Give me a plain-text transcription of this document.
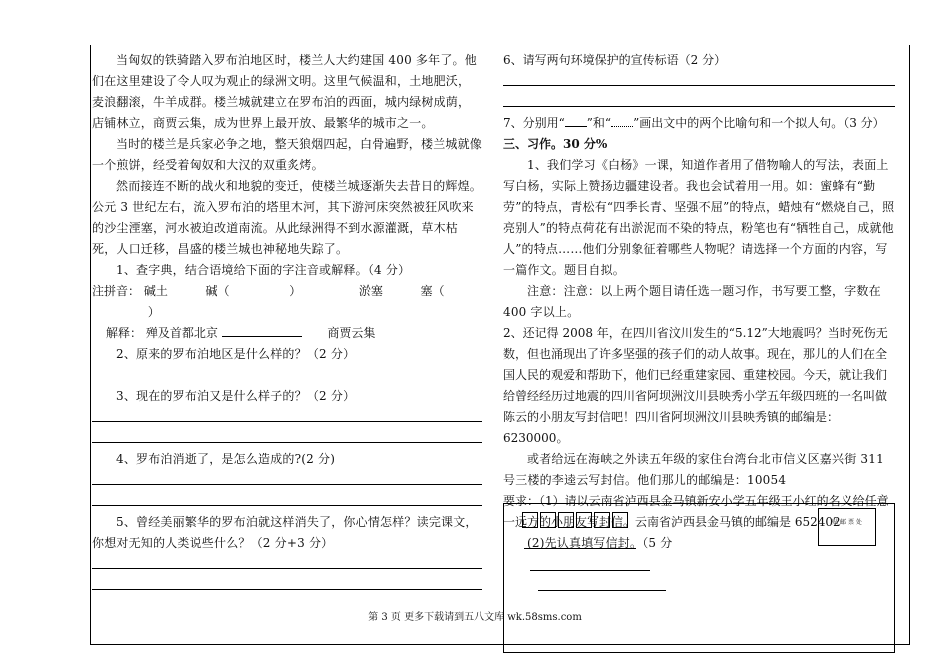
当匈奴的铁骑踏入罗布泊地区时，楼兰人大约建国 400 多年了。他们在这里建设了令人叹为观止的绿洲文明。这里气候温和，土地肥沃，麦浪翻滚，牛羊成群。楼兰城就建立在罗布泊的西面，城内绿树成荫，店铺林立，商贾云集，成为世界上最开放、最繁华的城市之一。

当时的楼兰是兵家必争之地，整天狼烟四起，白骨遍野，楼兰城就像一个煎饼，经受着匈奴和大汉的双重炙烤。

然而接连不断的战火和地貌的变迁，使楼兰城逐渐失去昔日的辉煌。公元 3 世纪左右，流入罗布泊的塔里木河，其下游河床突然被狂风吹来的沙尘湮塞，河水被迫改道南流。从此绿洲得不到水源灌溉，草木枯死，人口迁移，昌盛的楼兰城也神秘地失踪了。

1、查字典，结合语境给下面的字注音或解释。（4 分）

注拼音： 碱土	碱（	）	淤塞	塞（  ）

解释： 殚及首都北京	商贾云集

2、原来的罗布泊地区是什么样的？（2 分）

3、现在的罗布泊又是什么样子的？（2 分）

4、罗布泊消逝了，是怎么造成的?(2 分)

5、曾经美丽繁华的罗布泊就这样消失了，你心情怎样？读完课文，你想对无知的人类说些什么？（2 分+3 分）

6、请写两句环境保护的宣传标语（2 分）

7、分别用“ ”和“ ”画出文中的两个比喻句和一个拟人句。（3 分）

三、习作。30 分%

1、我们学习《白杨》一课，知道作者用了借物喻人的写法，表面上写白杨，实际上赞扬边疆建设者。我也会试着用一用。如：蜜蜂有“勤劳”的特点，青松有“四季长青、坚强不屈”的特点，蜡烛有“燃烧自己，照亮别人”的特点荷花有出淤泥而不染的特点，粉笔也有“牺牲自己，成就他人”的特点……他们分别象征着哪些人物呢？请选择一个方面的内容，写一篇作文。题目自拟。

注意：注意：以上两个题目请任选一题习作，书写要工整，字数在 400 字以上。

2、还记得 2008 年，在四川省汶川发生的“5.12”大地震吗？当时死伤无数，但也涌现出了许多坚强的孩子们的动人故事。现在，那儿的人们在全国人民的观爱和帮助下，他们已经重建家园、重建校园。今天，就让我们给曾经经历过地震的四川省阿坝洲汶川县映秀小学五年级四班的一名叫做陈云的小朋友写封信吧！四川省阿坝洲汶川县映秀镇的邮编是：6230000。

或者给远在海峡之外读五年级的家住台湾台北市信义区嘉兴街 311 号三楼的李逵云写封信。他们那儿的邮编是：10054

要求：（1）请以云南省泸西县金马镇新安小学五年级王小红的名义给任意一远方的小朋友写封信。云南省泸西县金马镇的邮编是 652402

(2)先认真填写信封。（5 分

贴 邮 票 处
第 3 页 更多下载请到五八文库 wk.58sms.com
